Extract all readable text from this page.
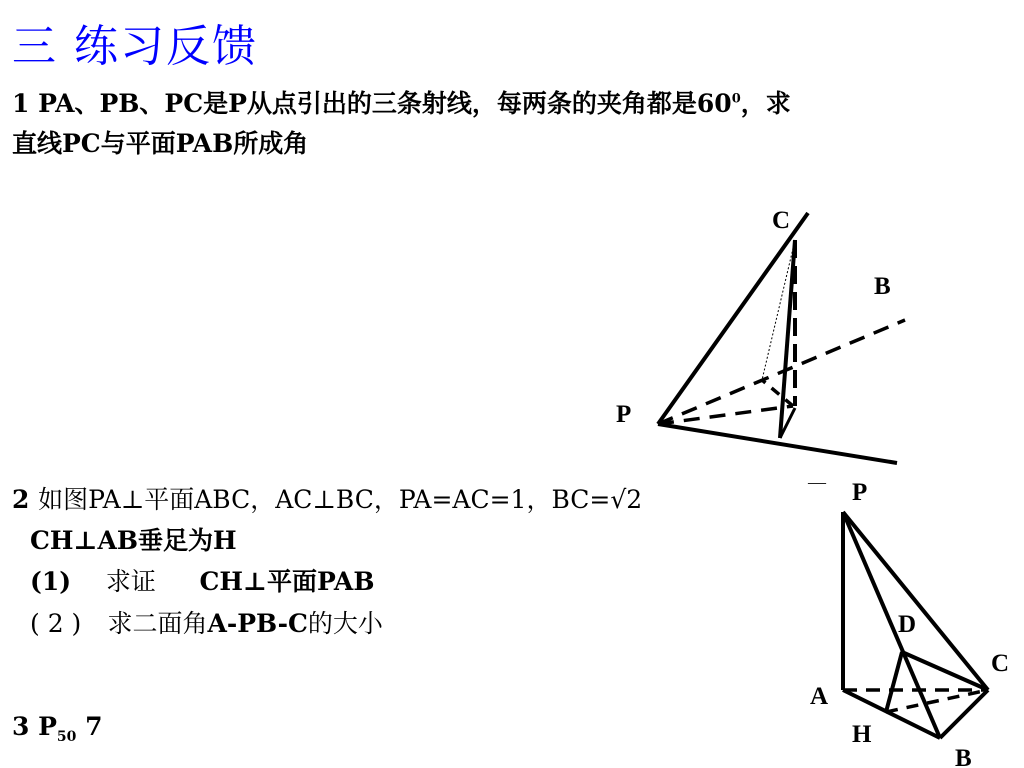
三 练习反馈
1 PA、PB、PC是P从点引出的三条射线，每两条的夹角都是$60^0$，求
直线PC与平面PAB所成角
C
B
P
2 如图PA⊥平面ABC，AC⊥BC，PA=AC=1，BC=√2
CH⊥AB垂足为H
(1) 求证 CH⊥平面PAB
( 2 ) 求二面角A-PB-C的大小
3 $P_{50}$ 7
— P
D
C
A
H
B
